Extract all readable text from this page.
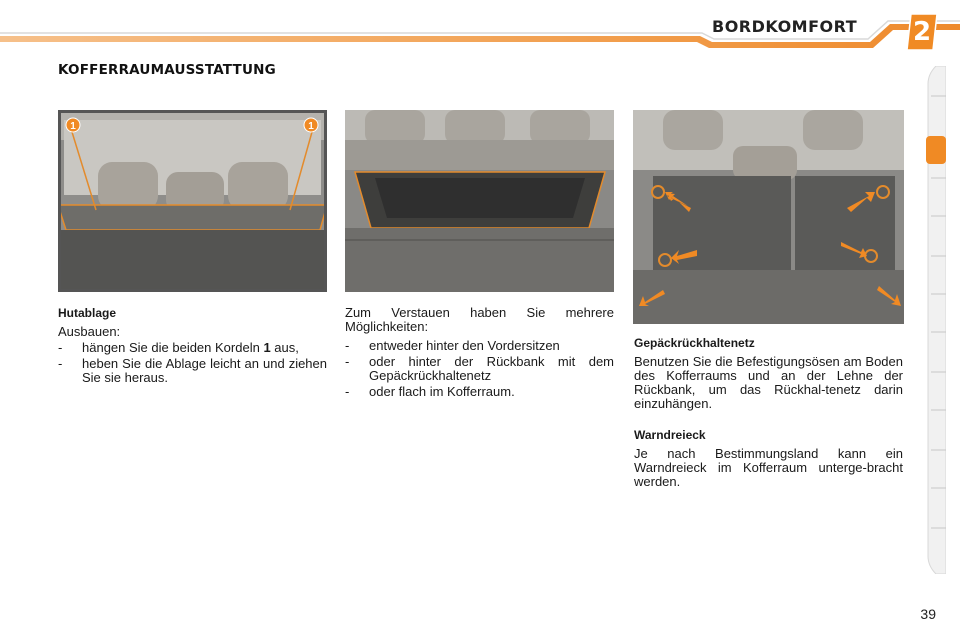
BORDKOMFORT	2
KOFFERRAUMAUSSTATTUNG
1	1

Hutablage

Ausbauen:

- hängen Sie die beiden Kordeln 1 aus,

- heben Sie die Ablage leicht an und ziehen Sie sie heraus.

Zum Verstauen haben Sie mehrere Möglichkeiten:

- entweder hinter den Vordersitzen

- oder hinter der Rückbank mit dem Gepäckrückhaltenetz

- oder flach im Kofferraum.

Gepäckrückhaltenetz

Benutzen Sie die Befestigungsösen am Boden des Kofferraums und an der Lehne der Rückbank, um das Rückhal-tenetz darin einzuhängen.

Warndreieck

Je nach Bestimmungsland kann ein Warndreieck im Kofferraum unterge-bracht werden.

39
